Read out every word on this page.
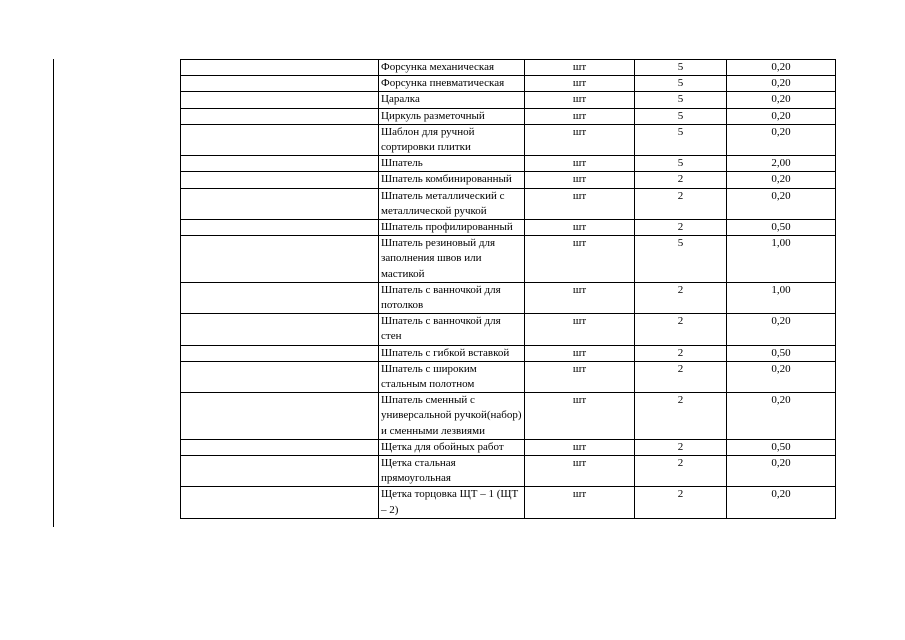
	Форсунка механическая	шт	5	0,20
	Форсунка пневматическая	шт	5	0,20
	Царалка	шт	5	0,20
	Циркуль разметочный	шт	5	0,20
	Шаблон для ручной сортировки плитки	шт	5	0,20
	Шпатель	шт	5	2,00
	Шпатель комбинированный	шт	2	0,20
	Шпатель металлический с металлической ручкой	шт	2	0,20
	Шпатель профилированный	шт	2	0,50
	Шпатель резиновый для заполнения швов или мастикой	шт	5	1,00
	Шпатель с ванночкой для потолков	шт	2	1,00
	Шпатель с ванночкой для стен	шт	2	0,20
	Шпатель с гибкой вставкой	шт	2	0,50
	Шпатель с широким стальным полотном	шт	2	0,20
	Шпатель сменный с универсальной ручкой(набор) и сменными лезвиями	шт	2	0,20
	Щетка для обойных работ	шт	2	0,50
	Щетка стальная прямоугольная	шт	2	0,20
	Щетка торцовка ЩТ – 1 (ЩТ – 2)	шт	2	0,20
